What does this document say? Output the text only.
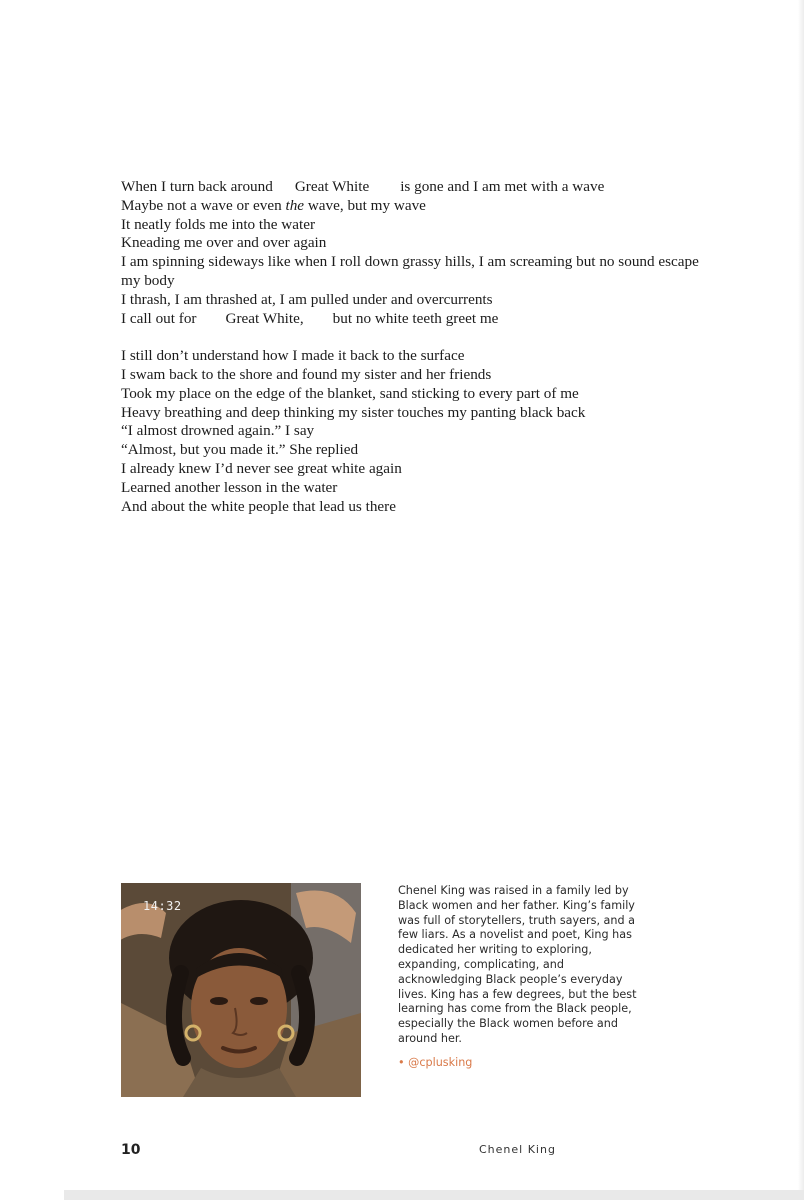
When I turn back around Great White is gone and I am met with a wave
Maybe not a wave or even the wave, but my wave
It neatly folds me into the water
Kneading me over and over again
I am spinning sideways like when I roll down grassy hills, I am screaming but no sound escape my body
I thrash, I am thrashed at, I am pulled under and overcurrents
I call out for Great White, but no white teeth greet me
I still don’t understand how I made it back to the surface
I swam back to the shore and found my sister and her friends
Took my place on the edge of the blanket, sand sticking to every part of me
Heavy breathing and deep thinking my sister touches my panting black back
“I almost drowned again.” I say
“Almost, but you made it.” She replied
I already knew I’d never see great white again
Learned another lesson in the water
And about the white people that lead us there
14:32
Chenel King was raised in a family led by Black women and her father. King’s family was full of storytellers, truth sayers, and a few liars. As a novelist and poet, King has dedicated her writing to exploring, expanding, complicating, and acknowledging Black people’s everyday lives. King has a few degrees, but the best learning has come from the Black people, especially the Black women before and around her.
• @cplusking
10	Chenel King
